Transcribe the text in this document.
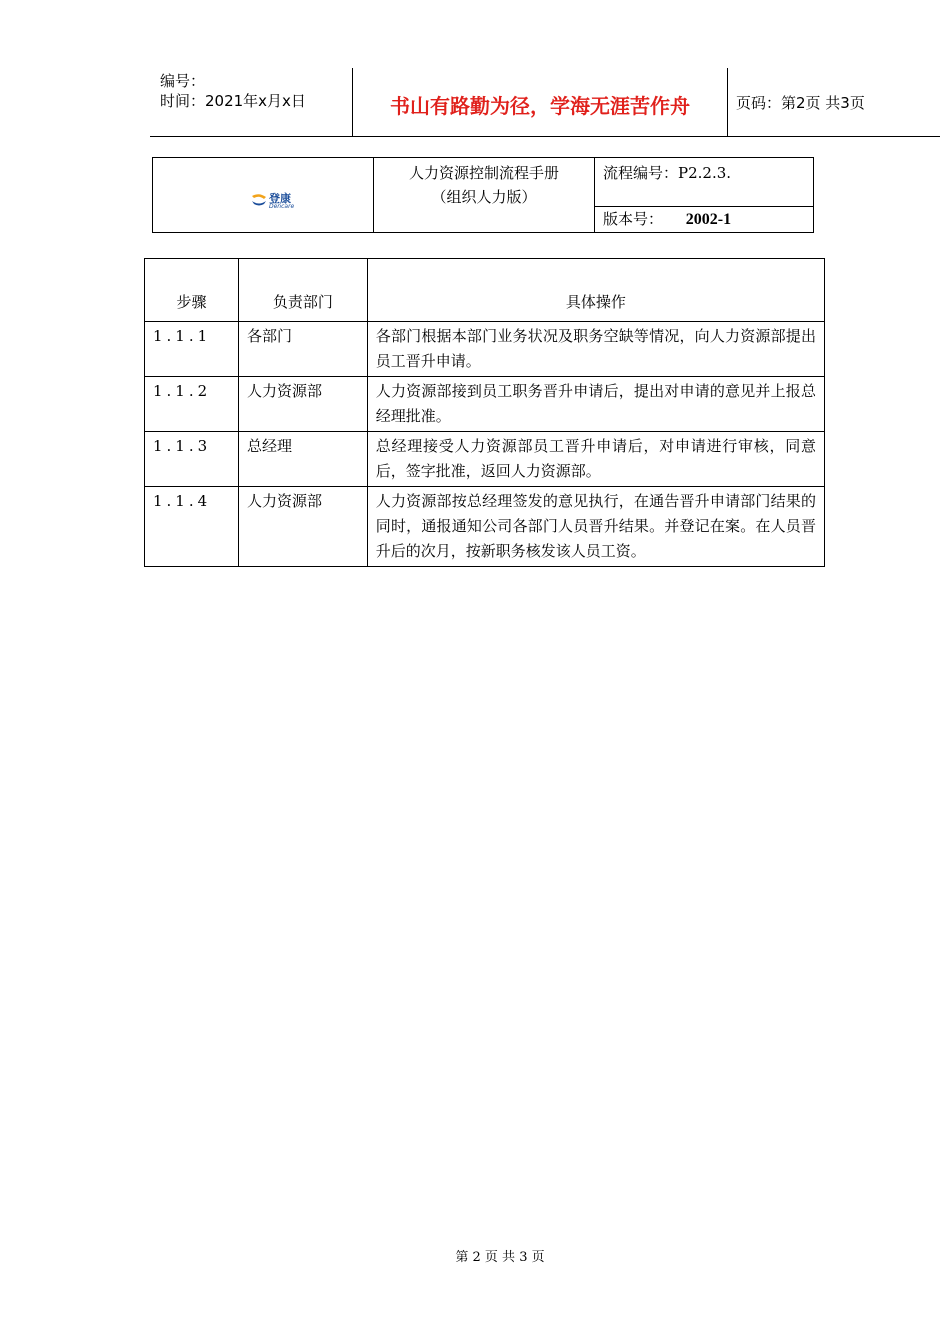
编号：
时间：2021年x月x日	书山有路勤为径，学海无涯苦作舟	页码：第2页 共3页
登康
Dencare
人力资源控制流程手册
（组织人力版）
流程编号：P2.2.3.
版本号： 2002-1
步骤	负责部门	具体操作
1.1.1	各部门	各部门根据本部门业务状况及职务空缺等情况，向人力资源部提出员工晋升申请。
1.1.2	人力资源部	人力资源部接到员工职务晋升申请后，提出对申请的意见并上报总经理批准。
1.1.3	总经理	总经理接受人力资源部员工晋升申请后，对申请进行审核，同意后，签字批准，返回人力资源部。
1.1.4	人力资源部	人力资源部按总经理签发的意见执行，在通告晋升申请部门结果的同时，通报通知公司各部门人员晋升结果。并登记在案。在人员晋升后的次月，按新职务核发该人员工资。
第 2 页 共 3 页
